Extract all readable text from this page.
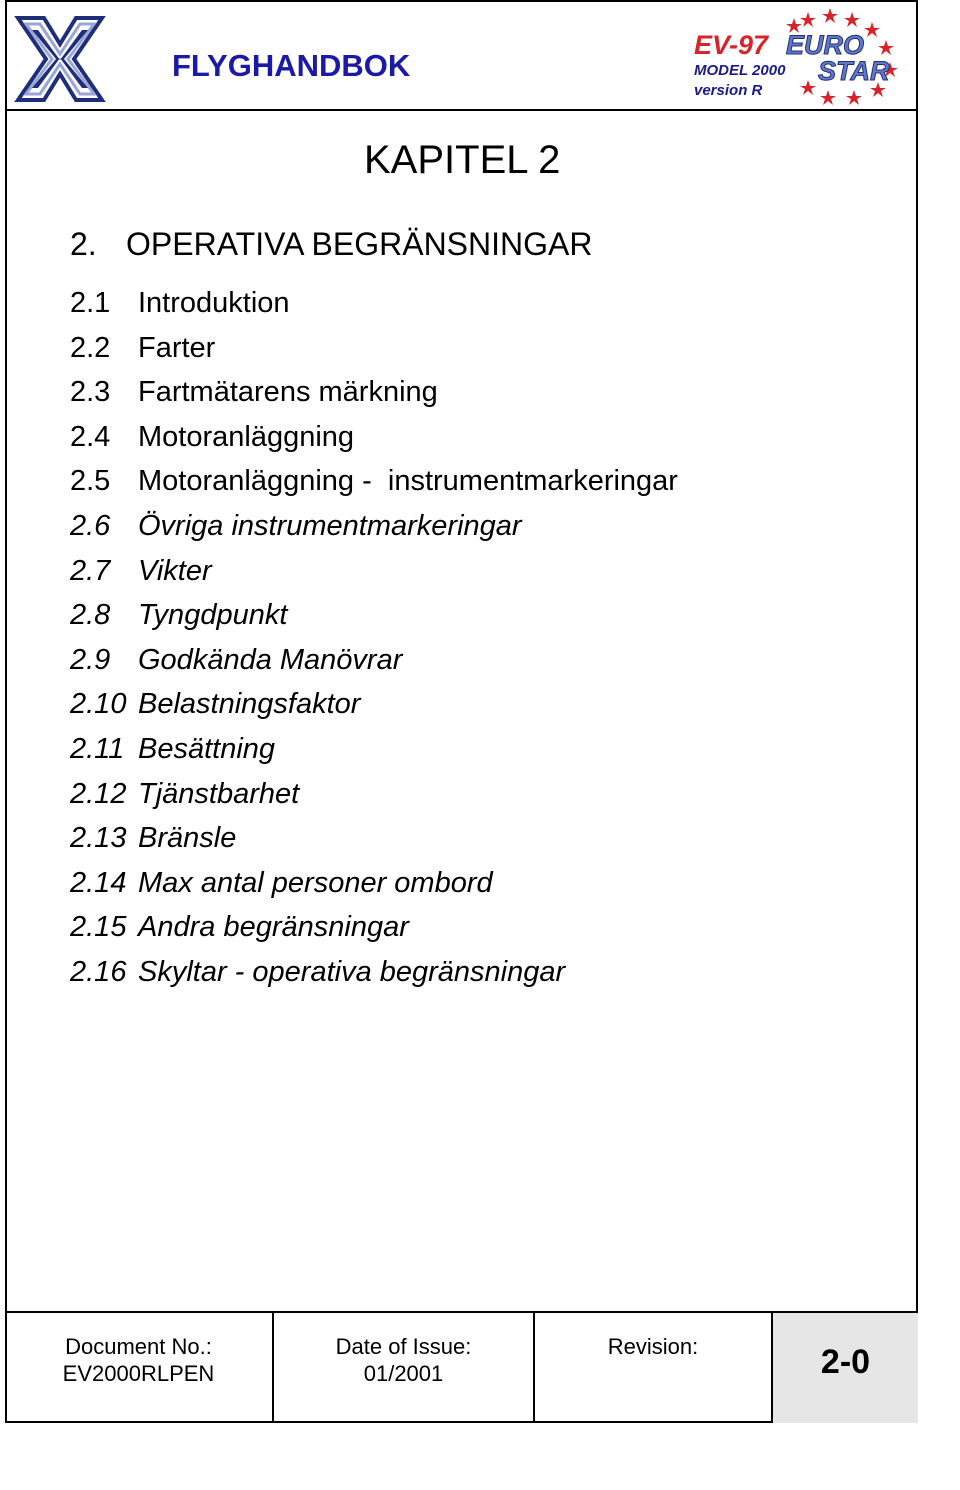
FLYGHANDBOK
EV-97 EURO
MODEL 2000 STAR
version R
KAPITEL 2
2. OPERATIVA BEGRÄNSNINGAR
2.1 Introduktion
2.2 Farter
2.3 Fartmätarens märkning
2.4 Motoranläggning
2.5 Motoranläggning -  instrumentmarkeringar
2.6 Övriga instrumentmarkeringar
2.7 Vikter
2.8 Tyngdpunkt
2.9 Godkända Manövrar
2.10 Belastningsfaktor
2.11 Besättning
2.12 Tjänstbarhet
2.13 Bränsle
2.14 Max antal personer ombord
2.15 Andra begränsningar
2.16 Skyltar - operativa begränsningar
Document No.:
EV2000RLPEN
Date of Issue:
01/2001
Revision:	2-0
